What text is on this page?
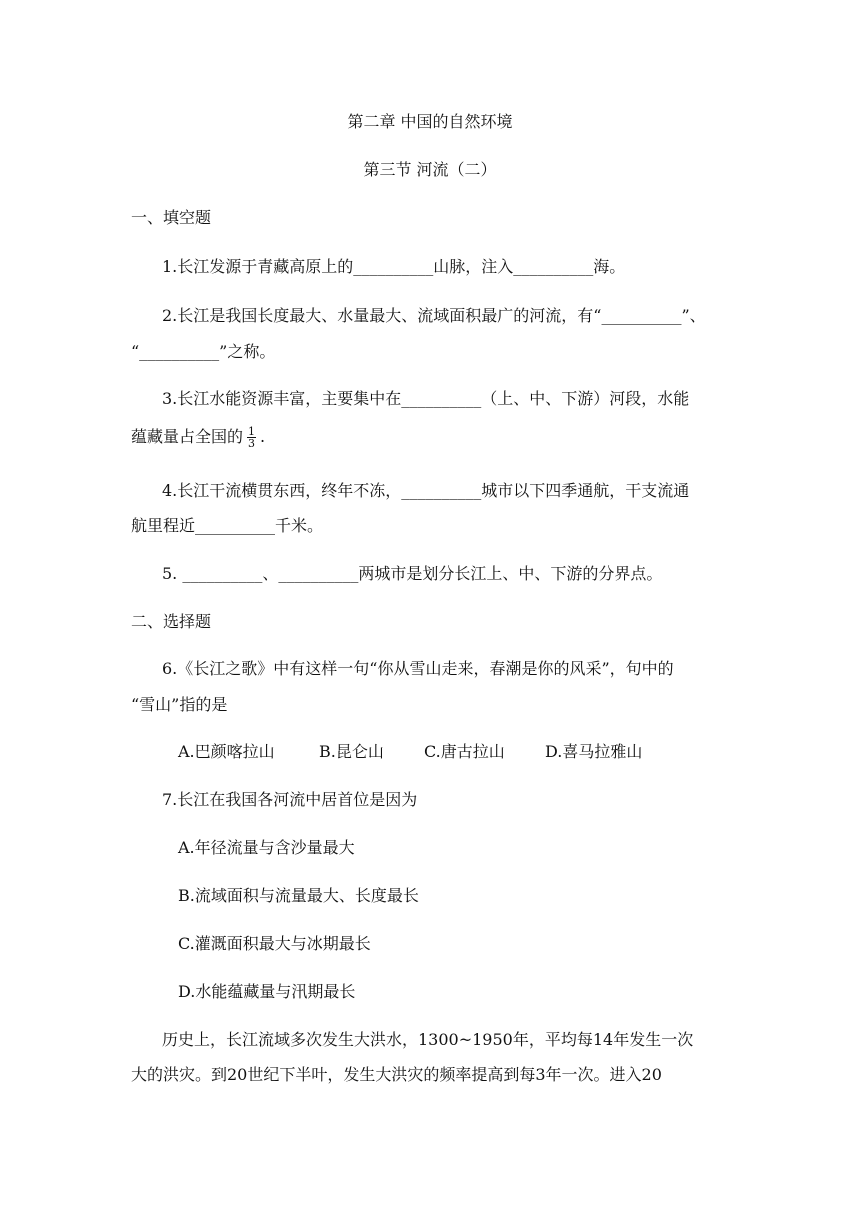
第二章 中国的自然环境
第三节 河流（二）
一、填空题
1.长江发源于青藏高原上的__________山脉，注入__________海。
2.长江是我国长度最大、水量最大、流域面积最广的河流，有“__________”、
“__________”之称。
3.长江水能资源丰富，主要集中在__________（上、中、下游）河段，水能
蕴藏量占全国的 $\frac{1}{3}$ .
4.长江干流横贯东西，终年不冻，__________城市以下四季通航，干支流通
航里程近__________千米。
5. __________、__________两城市是划分长江上、中、下游的分界点。
二、选择题
6.《长江之歌》中有这样一句“你从雪山走来，春潮是你的风采”，句中的
“雪山”指的是
A.巴颜喀拉山	B.昆仑山	C.唐古拉山	D.喜马拉雅山
7.长江在我国各河流中居首位是因为
A.年径流量与含沙量最大
B.流域面积与流量最大、长度最长
C.灌溉面积最大与冰期最长
D.水能蕴藏量与汛期最长
历史上，长江流域多次发生大洪水，1300~1950年，平均每14年发生一次
大的洪灾。到20世纪下半叶，发生大洪灾的频率提高到每3年一次。进入20
